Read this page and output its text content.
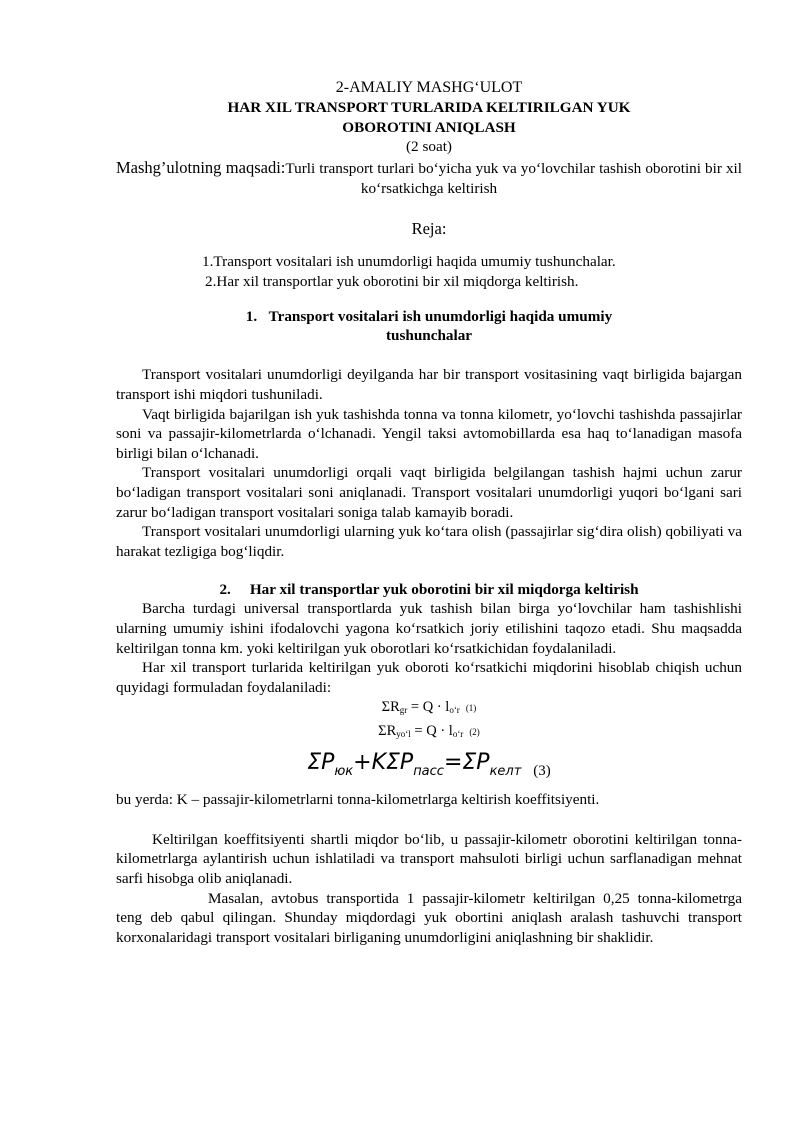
2-AMALIY MASHG‘ULOT
HAR XIL TRANSPORT TURLARIDA KELTIRILGAN YUK
OBOROTINI ANIQLASH
(2 soat)
Mashg’ulotning maqsadi:Turli transport turlari bo‘yicha yuk va yo‘lovchilar tashish oborotini bir xil ko‘rsatkichga keltirish
Reja:
1.Transport vositalari ish unumdorligi haqida umumiy tushunchalar.
2.Har xil transportlar yuk oborotini bir xil miqdorga keltirish.
1. Transport vositalari ish unumdorligi haqida umumiy
tushunchalar

Transport vositalari unumdorligi deyilganda har bir transport vositasining vaqt birligida bajargan transport ishi miqdori tushuniladi.

Vaqt birligida bajarilgan ish yuk tashishda tonna va tonna kilometr, yo‘lovchi tashishda passajirlar soni va passajir-kilometrlarda o‘lchanadi. Yengil taksi avtomobillarda esa haq to‘lanadigan masofa birligi bilan o‘lchanadi.

Transport vositalari unumdorligi orqali vaqt birligida belgilangan tashish hajmi uchun zarur bo‘ladigan transport vositalari soni aniqlanadi. Transport vositalari unumdorligi yuqori bo‘lgani sari zarur bo‘ladigan transport vositalari soniga talab kamayib boradi.

Transport vositalari unumdorligi ularning yuk ko‘tara olish (passajirlar sig‘dira olish) qobiliyati va harakat tezligiga bog‘liqdir.

2. Har xil transportlar yuk oborotini bir xil miqdorga keltirish

Barcha turdagi universal transportlarda yuk tashish bilan birga yo‘lovchilar ham tashishlishi ularning umumiy ishini ifodalovchi yagona ko‘rsatkich joriy etilishini taqozo etadi. Shu maqsadda keltirilgan tonna km. yoki keltirilgan yuk oborotlari ko‘rsatkichidan foydalaniladi.

Har xil transport turlarida keltirilgan yuk oboroti ko‘rsatkichi miqdorini hisoblab chiqish uchun quyidagi formuladan foydalaniladi:

$\Sigma R_{gr} = Q \cdot l_{o‘r}$ (1)
$\Sigma R_{yo‘l} = Q \cdot l_{o‘r}$ (2)
$\Sigma P_{юк}+K\Sigma P_{пасс}=\Sigma P_{келт}$ $_{(3)}$

bu yerda: K – passajir-kilometrlarni tonna-kilometrlarga keltirish koeffitsiyenti.

Keltirilgan koeffitsiyenti shartli miqdor bo‘lib, u passajir-kilometr oborotini keltirilgan tonna-kilometrlarga aylantirish uchun ishlatiladi va transport mahsuloti birligi uchun sarflanadigan mehnat sarfi hisobga olib aniqlanadi.

Masalan, avtobus transportida 1 passajir-kilometr keltirilgan 0,25 tonna-kilometrga teng deb qabul qilingan. Shunday miqdordagi yuk obortini aniqlash aralash tashuvchi transport korxonalaridagi transport vositalari birliganing unumdorligini aniqlashning bir shaklidir.
